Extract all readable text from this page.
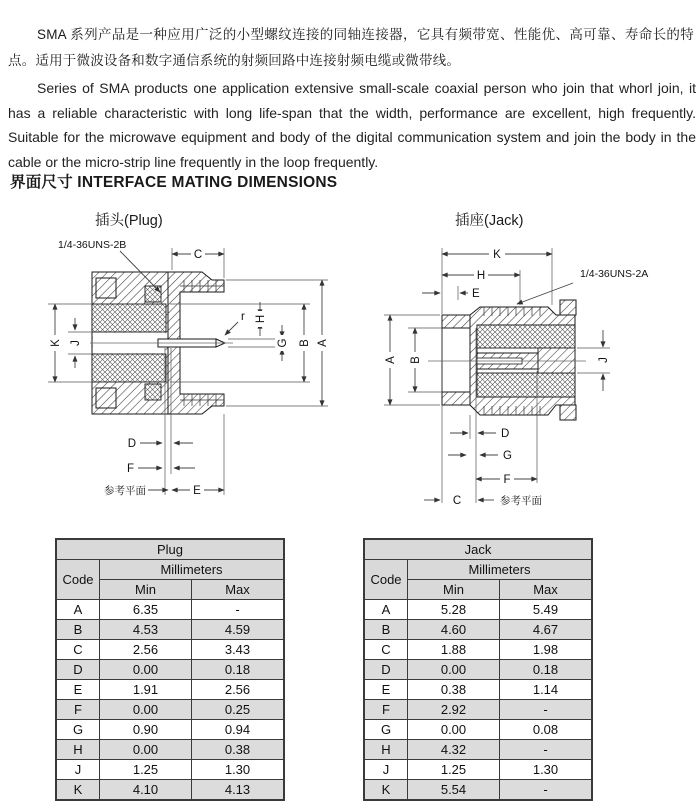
SMA 系列产品是一种应用广泛的小型螺纹连接的同轴连接器，它具有频带宽、性能优、高可靠、寿命长的特点。适用于微波设备和数字通信系统的射频回路中连接射频电缆或微带线。

Series of SMA products one application extensive small-scale coaxial person who join that whorl join, it has a reliable characteristic with long life-span that the width, performance are excellent, high frequently. Suitable for the microwave equipment and body of the digital communication system and join the body in the cable or the micro-strip line frequently in the loop frequently.

界面尺寸 INTERFACE MATING DIMENSIONS
插头(Plug)	插座(Jack)
1/4-36UNS-2B
C
K J	A
B
G
H
D
F
E
r
参考平面
1/4-36UNS-2A
K
H
E
A B	J
D
G
F
C	参考平面
Plug		
Code	Millimeters	
	Min	Max
A	6.35	-
B	4.53	4.59
C	2.56	3.43
D	0.00	0.18
E	1.91	2.56
F	0.00	0.25
G	0.90	0.94
H	0.00	0.38
J	1.25	1.30
K	4.10	4.13
Jack		
Code	Millimeters	
	Min	Max
A	5.28	5.49
B	4.60	4.67
C	1.88	1.98
D	0.00	0.18
E	0.38	1.14
F	2.92	-
G	0.00	0.08
H	4.32	-
J	1.25	1.30
K	5.54	-
